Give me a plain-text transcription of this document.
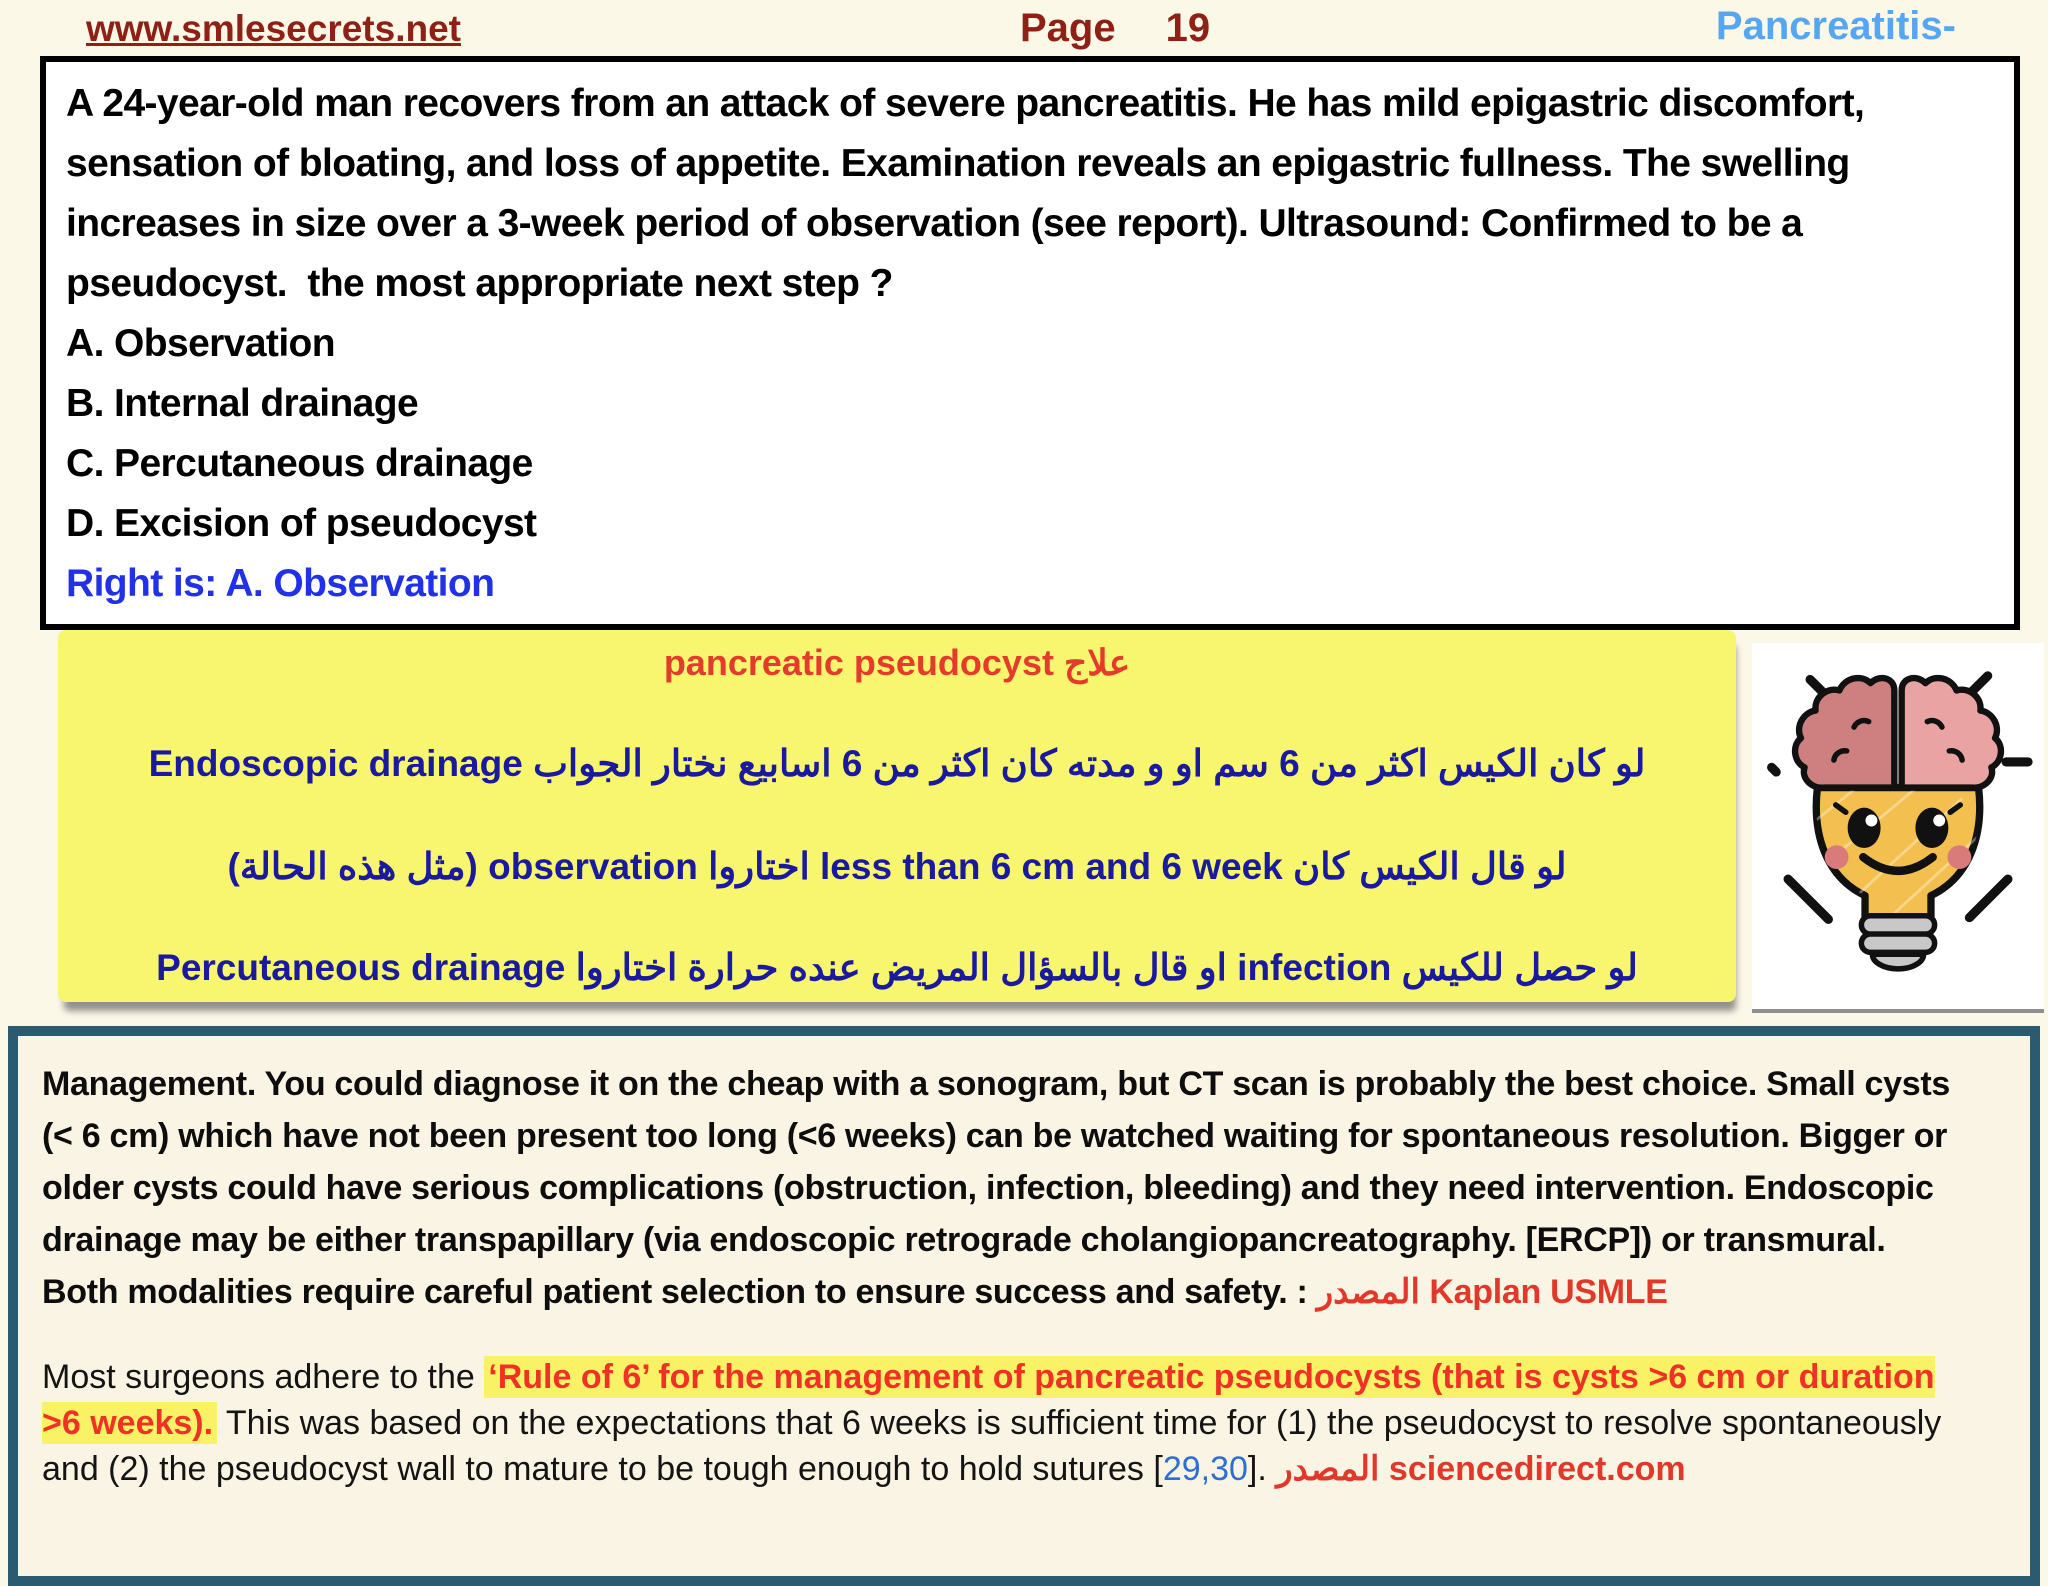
www.smlesecrets.net	Page 19	Pancreatitis-
A 24-year-old man recovers from an attack of severe pancreatitis. He has mild epigastric discomfort, sensation of bloating, and loss of appetite. Examination reveals an epigastric fullness. The swelling increases in size over a 3-week period of observation (see report). Ultrasound: Confirmed to be a pseudocyst.  the most appropriate next step ?
A. Observation
B. Internal drainage
C. Percutaneous drainage
D. Excision of pseudocyst
Right is: A. Observation
pancreatic pseudocyst علاج
لو كان الكيس اكثر من 6 سم او و مدته كان اكثر من 6 اسابيع نختار الجواب Endoscopic drainage
لو قال الكيس كان less than 6 cm and 6 week اختاروا observation (مثل هذه الحالة)
لو حصل للكيس infection او قال بالسؤال المريض عنده حرارة اختاروا Percutaneous drainage
Management. You could diagnose it on the cheap with a sonogram, but CT scan is probably the best choice. Small cysts (< 6 cm) which have not been present too long (<6 weeks) can be watched waiting for spontaneous resolution. Bigger or older cysts could have serious complications (obstruction, infection, bleeding) and they need intervention. Endoscopic drainage may be either transpapillary (via endoscopic retrograde cholangiopancreatography. [ERCP]) or transmural. Both modalities require careful patient selection to ensure success and safety. : المصدر Kaplan USMLE
Most surgeons adhere to the ‘Rule of 6’ for the management of pancreatic pseudocysts (that is cysts >6 cm or duration >6 weeks). This was based on the expectations that 6 weeks is sufficient time for (1) the pseudocyst to resolve spontaneously and (2) the pseudocyst wall to mature to be tough enough to hold sutures [29,30]. المصدر sciencedirect.com
